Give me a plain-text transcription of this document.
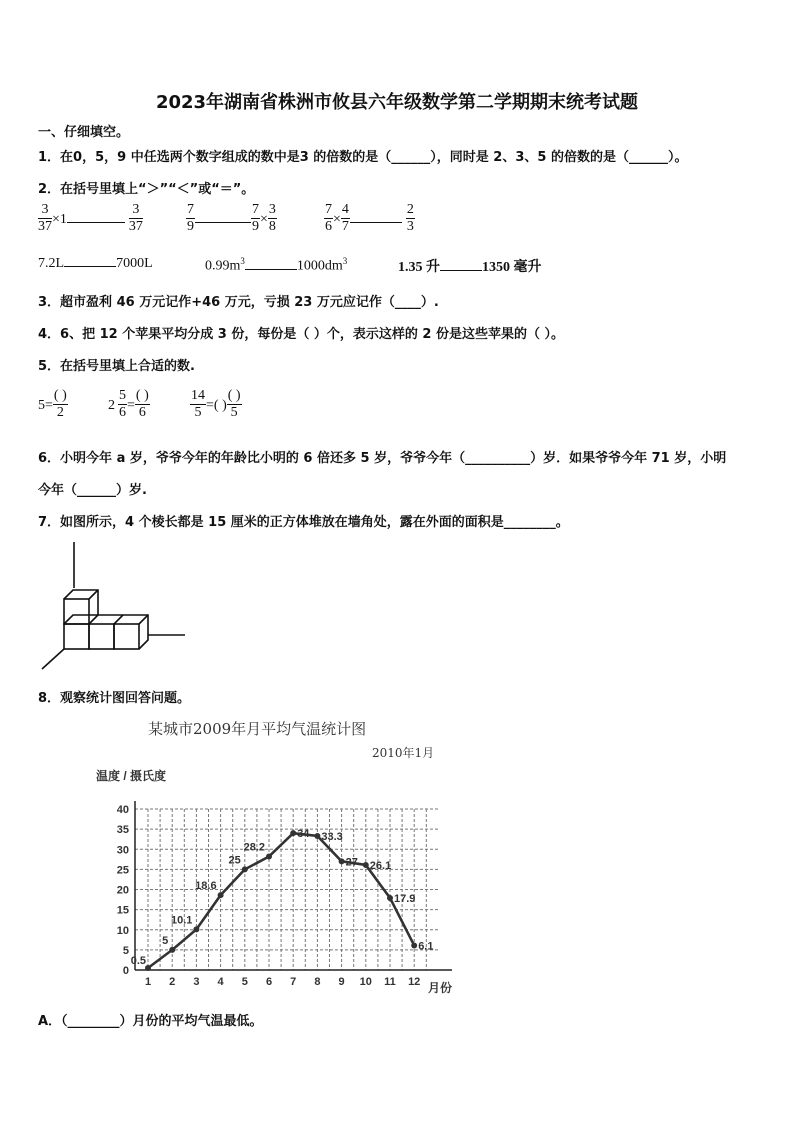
2023年湖南省株洲市攸县六年级数学第二学期期末统考试题
一、仔细填空。
1．在0，5，9 中任选两个数字组成的数中是3 的倍数的是（______），同时是 2、3、5 的倍数的是（______）。
2．在括号里填上“＞”“＜”或“＝”。
$\frac{3}{37} \times 1$	$\frac{3}{37}$	$\frac{7}{9}$	$\frac{7}{9} \times \frac{3}{8}$	$\frac{7}{6} \times \frac{4}{7}$	$\frac{2}{3}$
7.2L	7000L	$0.99m^3$	$1000dm^3$	1.35 升	1350 毫升
3．超市盈利 46 万元记作+46 万元，亏损 23 万元应记作（____）.
4．6、把 12 个苹果平均分成 3 份，每份是（ ）个，表示这样的 2 份是这些苹果的（ ）。
5．在括号里填上合适的数.
$5= \frac{( )}{2}$	$2 \frac{5}{6} = \frac{( )}{6}$	$\frac{14}{5}$ =( ) $\frac{( )}{5}$
6．小明今年 a 岁，爷爷今年的年龄比小明的 6 倍还多 5 岁，爷爷今年（__________）岁．如果爷爷今年 71 岁，小明
今年（______）岁.
7．如图所示，4 个棱长都是 15 厘米的正方体堆放在墙角处，露在外面的面积是________。
8．观察统计图回答问题。
某城市2009年月平均气温统计图
2010年1月
温度 / 摄氏度
月份
0
5
10
15
20
25
30
35
40
1 2 3 4 5 6 7 8 9 10 11 12
0.5
5
10.1
18.6
25
28.2
34 33.3
27 26.1
17.9
6.1
A．（________）月份的平均气温最低。
